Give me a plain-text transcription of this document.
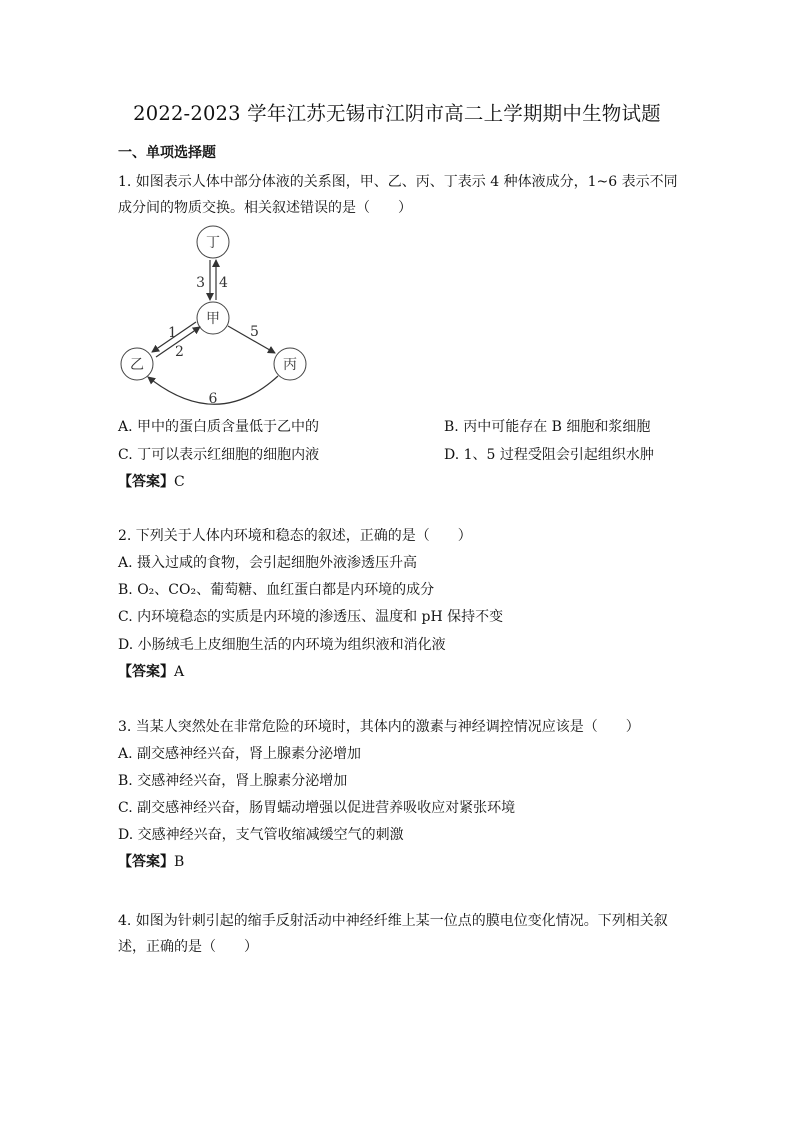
2022-2023 学年江苏无锡市江阴市高二上学期期中生物试题
一、单项选择题
1. 如图表示人体中部分体液的关系图，甲、乙、丙、丁表示 4 种体液成分，1~6 表示不同
成分间的物质交换。相关叙述错误的是（　　）
丁
甲
乙	丙
3 4
1
2
5
6
A. 甲中的蛋白质含量低于乙中的	B. 丙中可能存在 B 细胞和浆细胞
C. 丁可以表示红细胞的细胞内液	D. 1、5 过程受阻会引起组织水肿
【答案】C
2. 下列关于人体内环境和稳态的叙述，正确的是（　　）
A. 摄入过咸的食物，会引起细胞外液渗透压升高
B. O₂、CO₂、葡萄糖、血红蛋白都是内环境的成分
C. 内环境稳态的实质是内环境的渗透压、温度和 pH 保持不变
D. 小肠绒毛上皮细胞生活的内环境为组织液和消化液
【答案】A
3. 当某人突然处在非常危险的环境时，其体内的激素与神经调控情况应该是（　　）
A. 副交感神经兴奋，肾上腺素分泌增加
B. 交感神经兴奋，肾上腺素分泌增加
C. 副交感神经兴奋，肠胃蠕动增强以促进营养吸收应对紧张环境
D. 交感神经兴奋，支气管收缩减缓空气的刺激
【答案】B
4. 如图为针刺引起的缩手反射活动中神经纤维上某一位点的膜电位变化情况。下列相关叙
述，正确的是（　　）
